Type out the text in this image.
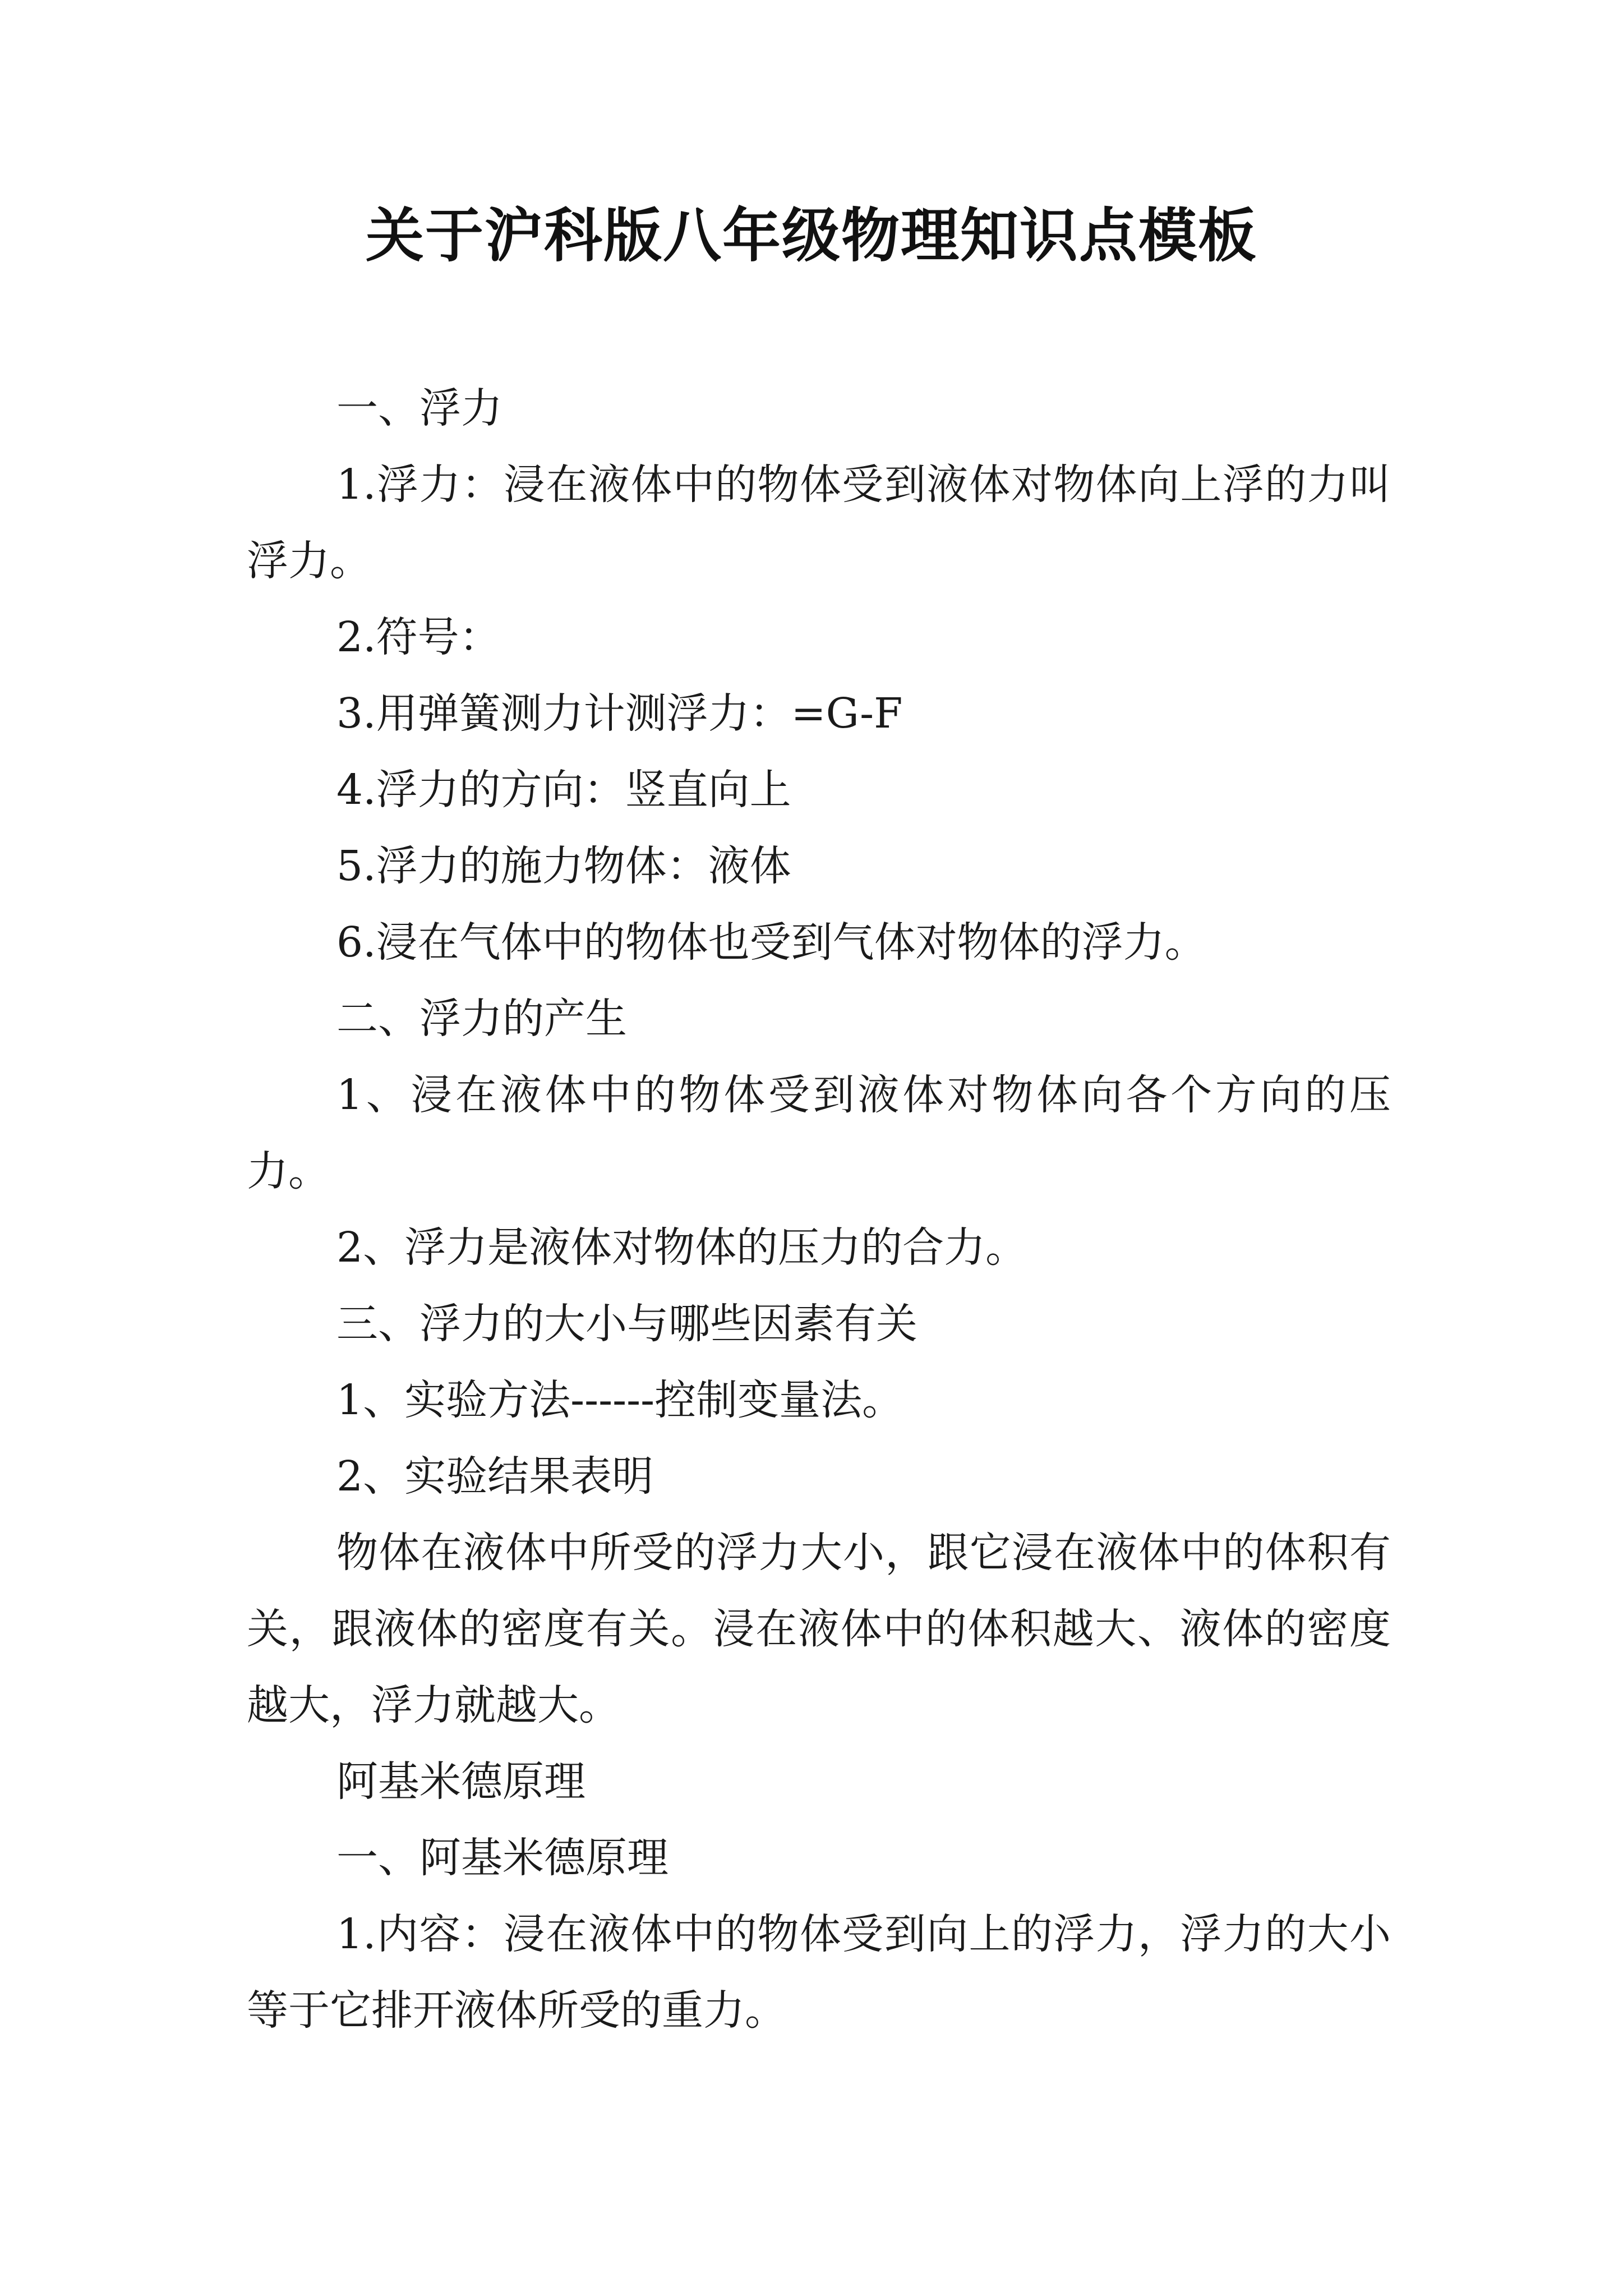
关于沪科版八年级物理知识点模板

一、浮力

1.浮力：浸在液体中的物体受到液体对物体向上浮的力叫浮力。

2.符号：

3.用弹簧测力计测浮力：=G-F

4.浮力的方向：竖直向上

5.浮力的施力物体：液体

6.浸在气体中的物体也受到气体对物体的浮力。

二、浮力的产生

1、浸在液体中的物体受到液体对物体向各个方向的压力。

2、浮力是液体对物体的压力的合力。

三、浮力的大小与哪些因素有关

1、实验方法------控制变量法。

2、实验结果表明

物体在液体中所受的浮力大小，跟它浸在液体中的体积有关，跟液体的密度有关。浸在液体中的体积越大、液体的密度越大，浮力就越大。

阿基米德原理

一、阿基米德原理

1.内容：浸在液体中的物体受到向上的浮力，浮力的大小等于它排开液体所受的重力。
